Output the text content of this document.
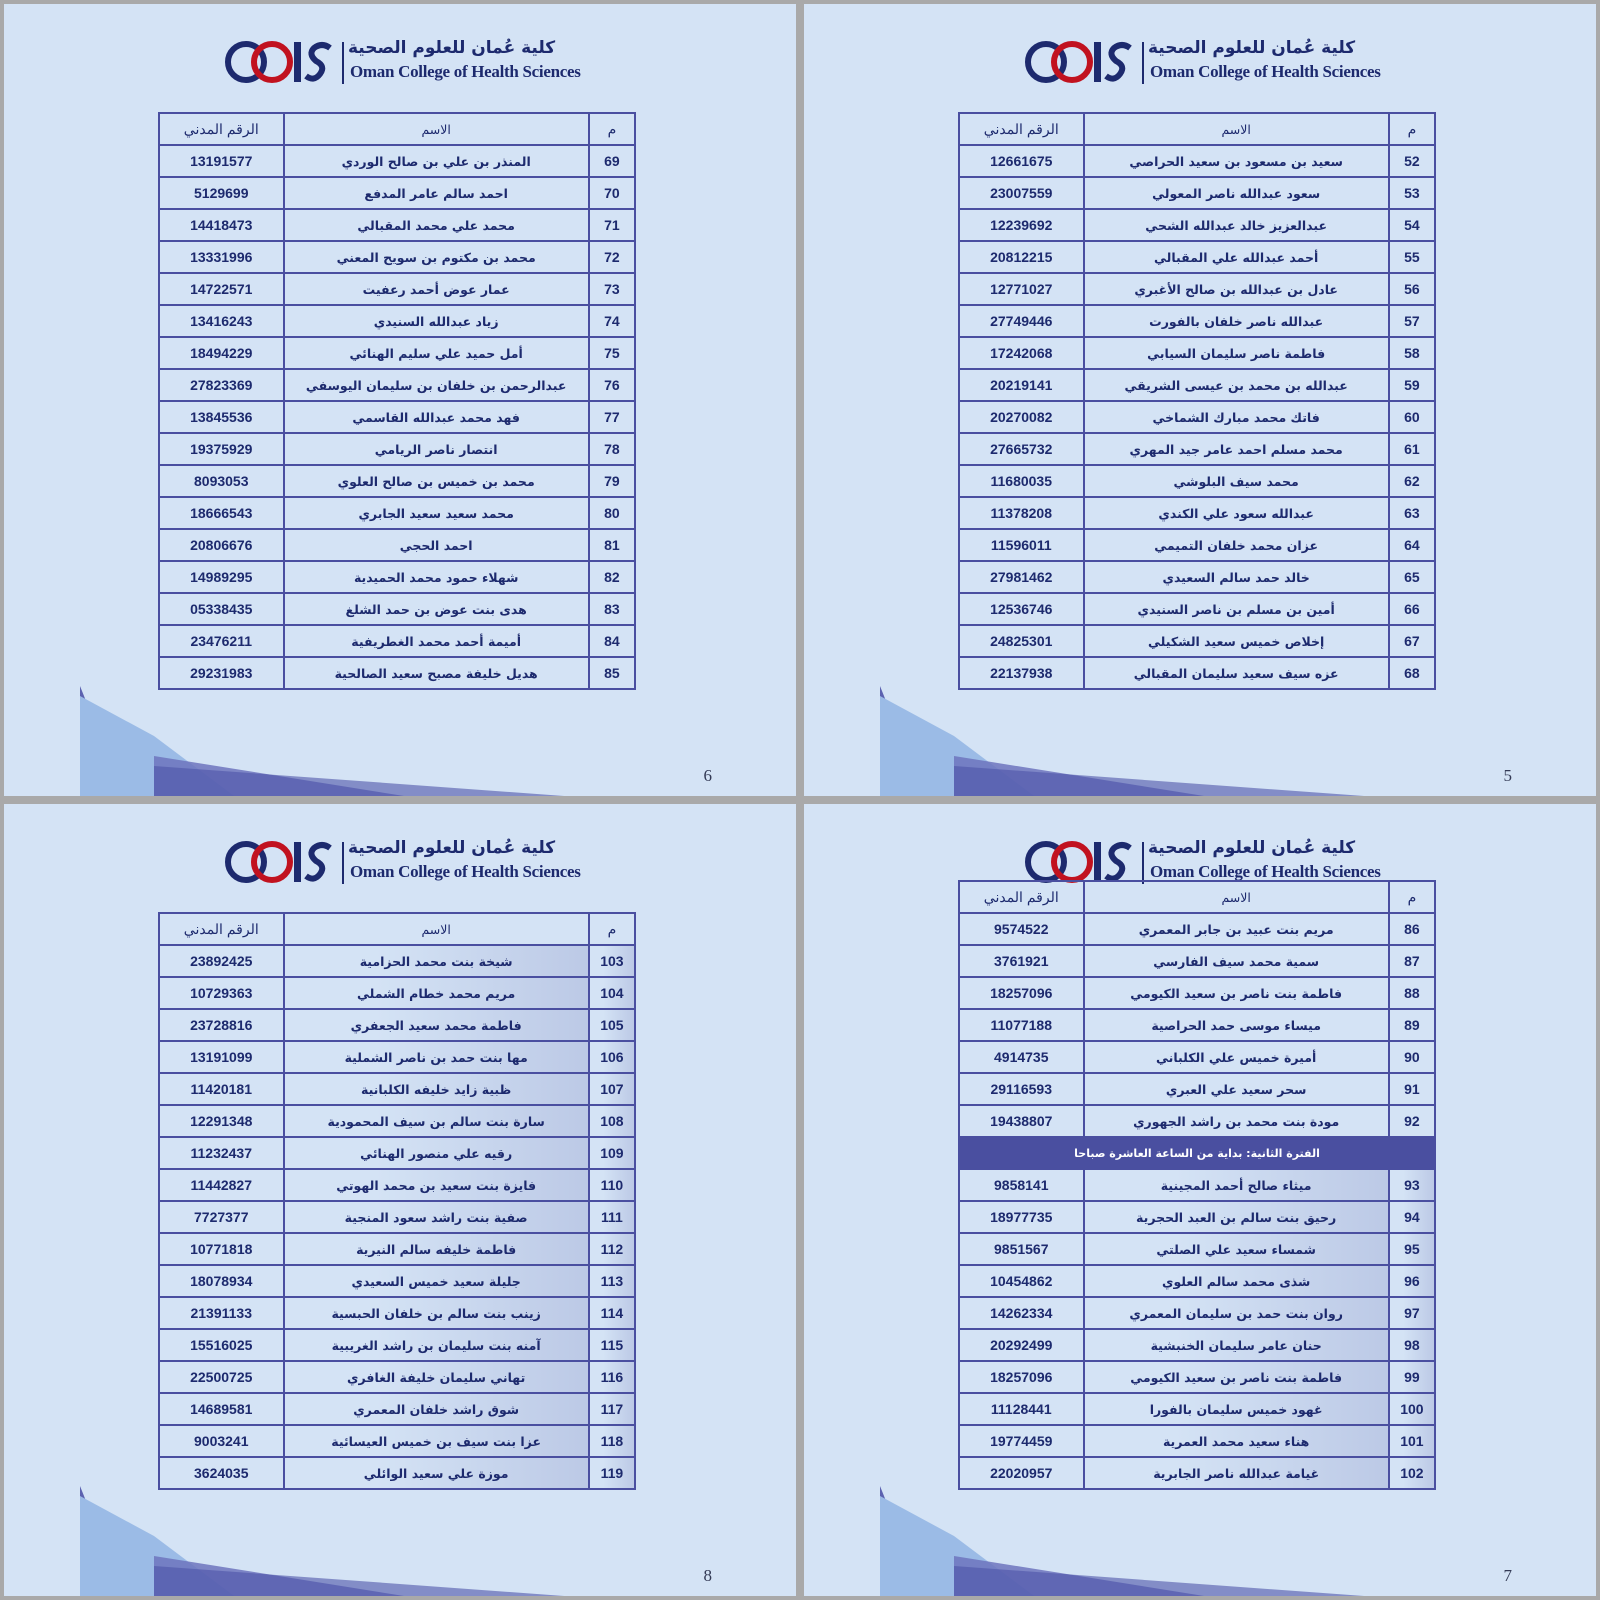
كلية عُمان للعلوم الصحية
Oman College of Health Sciences
الرقم المدني	الاسم	م
13191577	المنذر بن علي بن صالح الوردي	69
5129699	احمد سالم عامر المدفع	70
14418473	محمد علي محمد المقبالي	71
13331996	محمد بن مكتوم بن سويح المعني	72
14722571	عمار عوض أحمد رعفيت	73
13416243	زياد عبدالله السنيدي	74
18494229	أمل حميد علي سليم الهنائي	75
27823369	عبدالرحمن بن خلفان بن سليمان اليوسفي	76
13845536	فهد محمد عبدالله القاسمي	77
19375929	انتصار ناصر الريامي	78
8093053	محمد بن خميس بن صالح العلوي	79
18666543	محمد سعيد سعيد الجابري	80
20806676	احمد الحجي	81
14989295	شهلاء حمود محمد الحميدية	82
05338435	هدى بنت عوض بن حمد الشلغ	83
23476211	أميمة أحمد محمد الغطريفية	84
29231983	هديل خليفة مصبح سعيد الصالحية	85
6
كلية عُمان للعلوم الصحية
Oman College of Health Sciences
الرقم المدني	الاسم	م
12661675	سعيد بن مسعود بن سعيد الحراصي	52
23007559	سعود عبدالله ناصر المعولي	53
12239692	عبدالعزيز خالد عبدالله الشحي	54
20812215	أحمد عبدالله علي المقبالي	55
12771027	عادل بن عبدالله بن صالح الأغبري	56
27749446	عبدالله ناصر خلفان بالفورت	57
17242068	فاطمة ناصر سليمان السيابي	58
20219141	عبدالله بن محمد بن عيسى الشريقي	59
20270082	فاتك محمد مبارك الشماخي	60
27665732	محمد مسلم احمد عامر جيد المهري	61
11680035	محمد سيف البلوشي	62
11378208	عبدالله سعود علي الكندي	63
11596011	عزان محمد خلفان التميمي	64
27981462	خالد حمد سالم السعيدي	65
12536746	أمين بن مسلم بن ناصر السنيدي	66
24825301	إخلاص خميس سعيد الشكيلي	67
22137938	عزه سيف سعيد سليمان المقبالي	68
5
كلية عُمان للعلوم الصحية
Oman College of Health Sciences
الرقم المدني	الاسم	م
23892425	شيخة بنت محمد الحزامية	103
10729363	مريم محمد خطام الشملي	104
23728816	فاطمة محمد سعيد الجعفري	105
13191099	مها بنت حمد بن ناصر الشملية	106
11420181	ظبية زايد خليفه الكلبانية	107
12291348	سارة بنت سالم بن سيف المحمودية	108
11232437	رقيه علي منصور الهنائي	109
11442827	فايزة بنت سعيد بن محمد الهوتي	110
7727377	صفية بنت راشد سعود المنجية	111
10771818	فاطمة خليفه سالم النيرية	112
18078934	جليلة سعيد خميس السعيدي	113
21391133	زينب بنت سالم بن خلفان الحبسية	114
15516025	آمنه بنت سليمان بن راشد الغريبية	115
22500725	تهاني سليمان خليفة الغافري	116
14689581	شوق راشد خلفان المعمري	117
9003241	عزا بنت سيف بن خميس العيسائية	118
3624035	موزة علي سعيد الوائلي	119
8
كلية عُمان للعلوم الصحية
Oman College of Health Sciences
الرقم المدني	الاسم	م
9574522	مريم بنت عبيد بن جابر المعمري	86
3761921	سمية محمد سيف الفارسي	87
18257096	فاطمة بنت ناصر بن سعيد الكيومي	88
11077188	ميساء موسى حمد الحراصية	89
4914735	أميرة خميس علي الكلباني	90
29116593	سحر سعيد علي العبري	91
19438807	مودة بنت محمد بن راشد الجهوري	92
الفترة الثانية: بداية من الساعة العاشرة صباحا		
9858141	ميثاء صالح أحمد المجينية	93
18977735	رحيق بنت سالم بن العبد الحجرية	94
9851567	شمساء سعيد علي الصلتي	95
10454862	شذى محمد سالم العلوي	96
14262334	روان بنت حمد بن سليمان المعمري	97
20292499	حنان عامر سليمان الخنبشية	98
18257096	فاطمة بنت ناصر بن سعيد الكيومي	99
11128441	غهود خميس سليمان بالفورا	100
19774459	هناء سعيد محمد العمرية	101
22020957	غيامة عبدالله ناصر الجابرية	102
7
